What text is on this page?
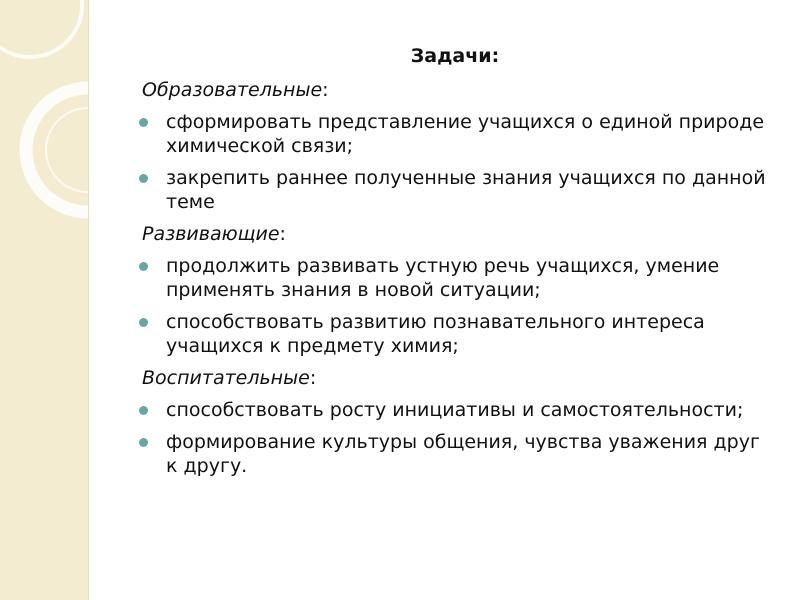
Задачи:

Образовательные:

сформировать представление учащихся о единой природе химической связи;
закрепить раннее полученные знания учащихся по данной теме

Развивающие:

продолжить развивать устную речь учащихся, умение применять знания в новой ситуации;
способствовать развитию познавательного интереса учащихся к предмету химия;

Воспитательные:

способствовать росту инициативы и самостоятельности;
формирование культуры общения, чувства уважения друг к другу.
